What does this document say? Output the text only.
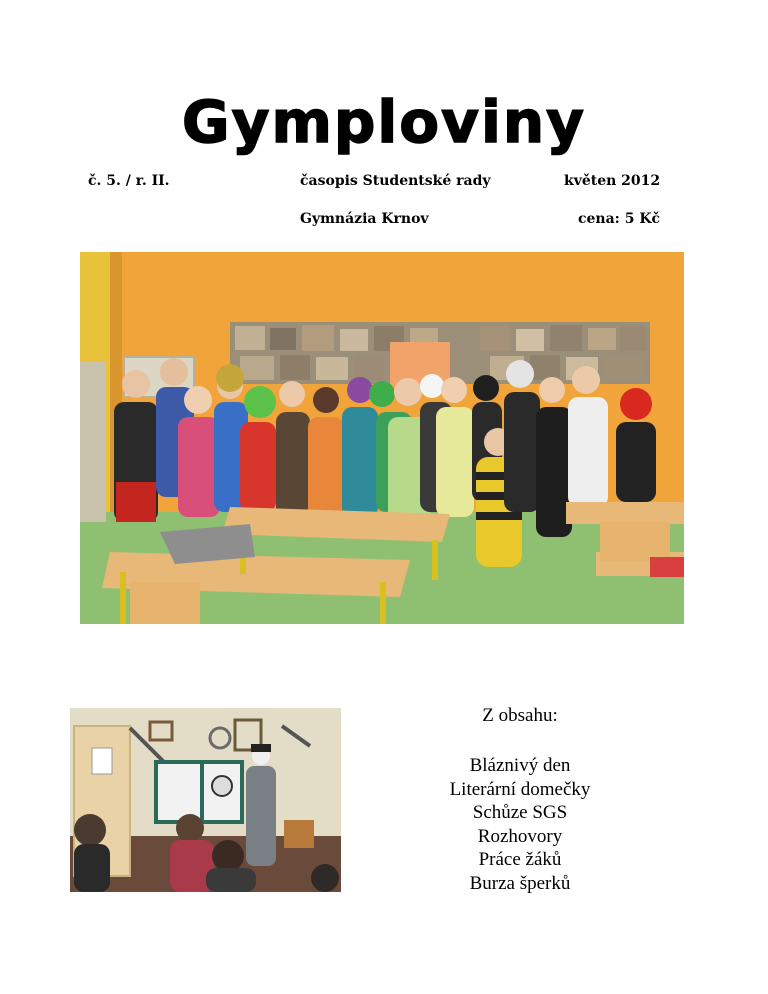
Gymploviny
č. 5. / r. II.	časopis Studentské rady	květen 2012
Gymnázia Krnov	cena: 5 Kč
Z obsahu:
Bláznivý den
Literární domečky
Schůze SGS
Rozhovory
Práce žáků
Burza šperků
